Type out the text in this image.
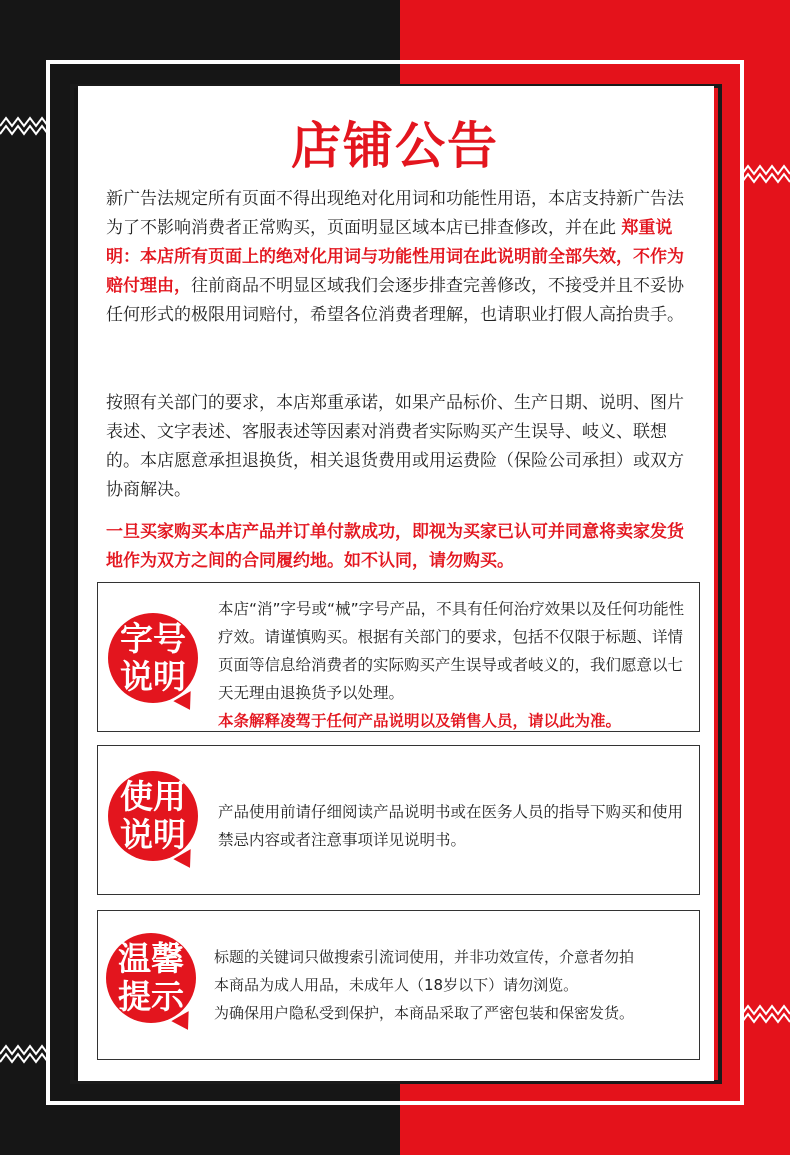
店铺公告
新广告法规定所有页面不得出现绝对化用词和功能性用语，本店支持新广告法为了不影响消费者正常购买，页面明显区域本店已排查修改，并在此 郑重说明：本店所有页面上的绝对化用词与功能性用词在此说明前全部失效，不作为赔付理由，往前商品不明显区域我们会逐步排查完善修改，不接受并且不妥协任何形式的极限用词赔付，希望各位消费者理解，也请职业打假人高抬贵手。
按照有关部门的要求，本店郑重承诺，如果产品标价、生产日期、说明、图片表述、文字表述、客服表述等因素对消费者实际购买产生误导、岐义、联想的。本店愿意承担退换货，相关退货费用或用运费险（保险公司承担）或双方协商解决。
一旦买家购买本店产品并订单付款成功，即视为买家已认可并同意将卖家发货地作为双方之间的合同履约地。如不认同，请勿购买。
字号
说明
本店“消”字号或“械”字号产品，不具有任何治疗效果以及任何功能性疗效。请谨慎购买。根据有关部门的要求，包括不仅限于标题、详情页面等信息给消费者的实际购买产生误导或者岐义的，我们愿意以七天无理由退换货予以处理。
本条解释凌驾于任何产品说明以及销售人员，请以此为准。
使用
说明
产品使用前请仔细阅读产品说明书或在医务人员的指导下购买和使用禁忌内容或者注意事项详见说明书。
温馨
提示
标题的关键词只做搜索引流词使用，并非功效宣传，介意者勿拍
本商品为成人用品，未成年人（18岁以下）请勿浏览。
为确保用户隐私受到保护，本商品采取了严密包装和保密发货。
